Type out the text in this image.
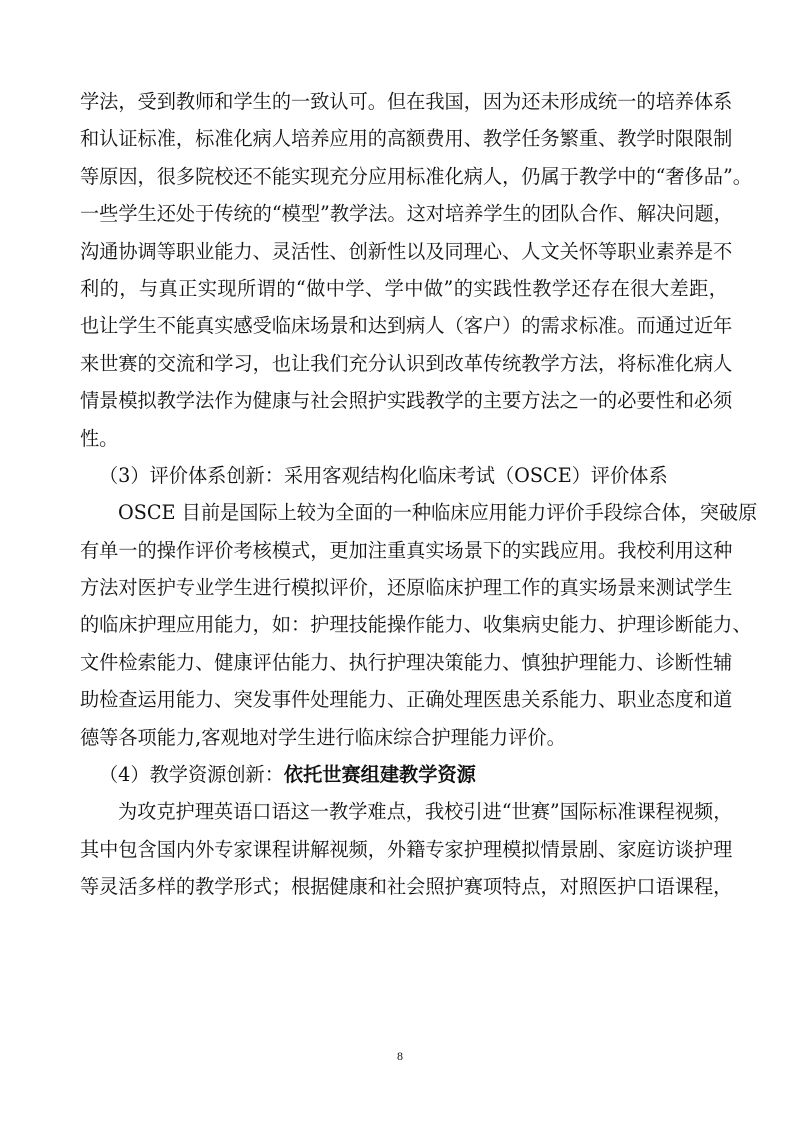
学法，受到教师和学生的一致认可。但在我国，因为还未形成统一的培养体系
和认证标准，标准化病人培养应用的高额费用、教学任务繁重、教学时限限制
等原因，很多院校还不能实现充分应用标准化病人，仍属于教学中的“奢侈品”。
一些学生还处于传统的“模型”教学法。这对培养学生的团队合作、解决问题，
沟通协调等职业能力、灵活性、创新性以及同理心、人文关怀等职业素养是不
利的，与真正实现所谓的“做中学、学中做”的实践性教学还存在很大差距，
也让学生不能真实感受临床场景和达到病人（客户）的需求标准。而通过近年
来世赛的交流和学习，也让我们充分认识到改革传统教学方法，将标准化病人
情景模拟教学法作为健康与社会照护实践教学的主要方法之一的必要性和必须
性。
（3）评价体系创新：采用客观结构化临床考试（OSCE）评价体系
OSCE 目前是国际上较为全面的一种临床应用能力评价手段综合体，突破原
有单一的操作评价考核模式，更加注重真实场景下的实践应用。我校利用这种
方法对医护专业学生进行模拟评价，还原临床护理工作的真实场景来测试学生
的临床护理应用能力，如：护理技能操作能力、收集病史能力、护理诊断能力、
文件检索能力、健康评估能力、执行护理决策能力、慎独护理能力、诊断性辅
助检查运用能力、突发事件处理能力、正确处理医患关系能力、职业态度和道
德等各项能力,客观地对学生进行临床综合护理能力评价。
（4）教学资源创新：依托世赛组建教学资源
为攻克护理英语口语这一教学难点，我校引进“世赛”国际标准课程视频，
其中包含国内外专家课程讲解视频，外籍专家护理模拟情景剧、家庭访谈护理
等灵活多样的教学形式；根据健康和社会照护赛项特点，对照医护口语课程，
8
